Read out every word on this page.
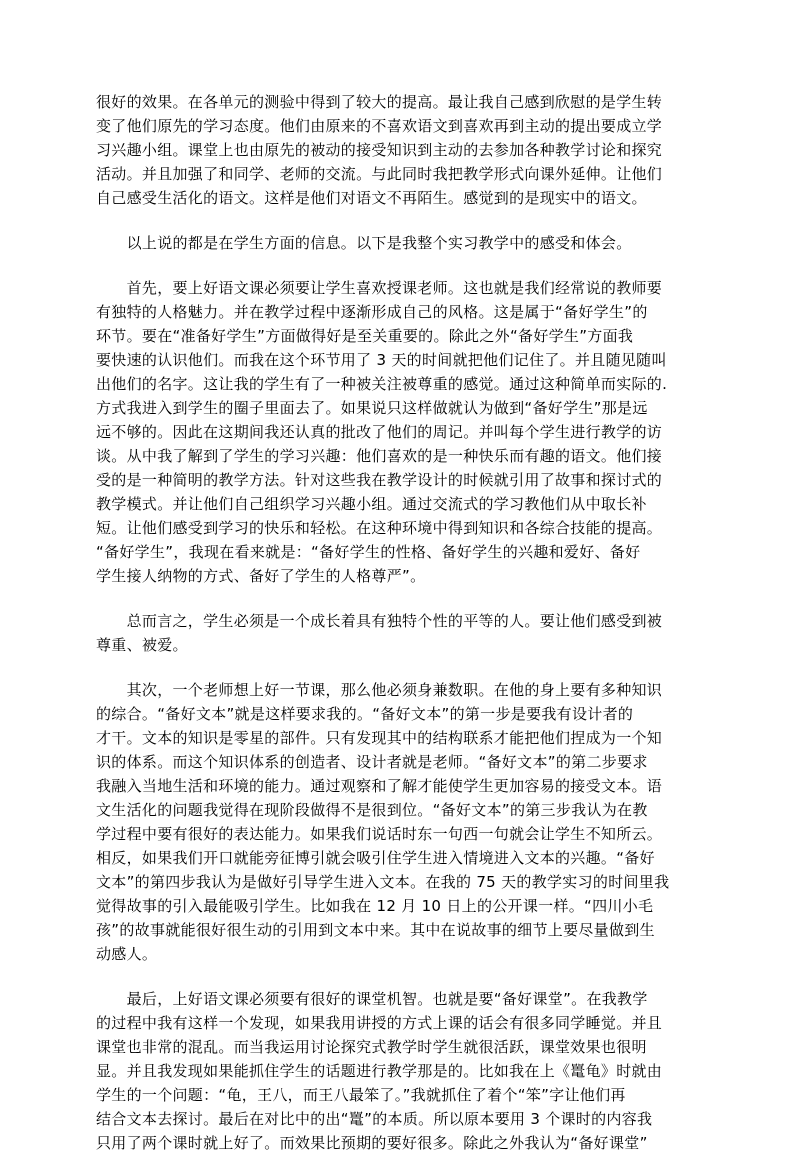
很好的效果。在各单元的测验中得到了较大的提高。最让我自己感到欣慰的是学生转
变了他们原先的学习态度。他们由原来的不喜欢语文到喜欢再到主动的提出要成立学
习兴趣小组。课堂上也由原先的被动的接受知识到主动的去参加各种教学讨论和探究
活动。并且加强了和同学、老师的交流。与此同时我把教学形式向课外延伸。让他们
自己感受生活化的语文。这样是他们对语文不再陌生。感觉到的是现实中的语文。

　　以上说的都是在学生方面的信息。以下是我整个实习教学中的感受和体会。

　　首先，要上好语文课必须要让学生喜欢授课老师。这也就是我们经常说的教师要
有独特的人格魅力。并在教学过程中逐渐形成自己的风格。这是属于“备好学生”的
环节。要在“准备好学生”方面做得好是至关重要的。除此之外“备好学生”方面我
要快速的认识他们。而我在这个环节用了 3 天的时间就把他们记住了。并且随见随叫
出他们的名字。这让我的学生有了一种被关注被尊重的感觉。通过这种简单而实际的.
方式我进入到学生的圈子里面去了。如果说只这样做就认为做到“备好学生”那是远
远不够的。因此在这期间我还认真的批改了他们的周记。并叫每个学生进行教学的访
谈。从中我了解到了学生的学习兴趣：他们喜欢的是一种快乐而有趣的语文。他们接
受的是一种简明的教学方法。针对这些我在教学设计的时候就引用了故事和探讨式的
教学模式。并让他们自己组织学习兴趣小组。通过交流式的学习教他们从中取长补
短。让他们感受到学习的快乐和轻松。在这种环境中得到知识和各综合技能的提高。
“备好学生”，我现在看来就是：“备好学生的性格、备好学生的兴趣和爱好、备好
学生接人纳物的方式、备好了学生的人格尊严”。

　　总而言之，学生必须是一个成长着具有独特个性的平等的人。要让他们感受到被
尊重、被爱。

　　其次，一个老师想上好一节课，那么他必须身兼数职。在他的身上要有多种知识
的综合。“备好文本”就是这样要求我的。“备好文本”的第一步是要我有设计者的
才干。文本的知识是零星的部件。只有发现其中的结构联系才能把他们捏成为一个知
识的体系。而这个知识体系的创造者、设计者就是老师。“备好文本”的第二步要求
我融入当地生活和环境的能力。通过观察和了解才能使学生更加容易的接受文本。语
文生活化的问题我觉得在现阶段做得不是很到位。“备好文本”的第三步我认为在教
学过程中要有很好的表达能力。如果我们说话时东一句西一句就会让学生不知所云。
相反，如果我们开口就能旁征博引就会吸引住学生进入情境进入文本的兴趣。“备好
文本”的第四步我认为是做好引导学生进入文本。在我的 75 天的教学实习的时间里我
觉得故事的引入最能吸引学生。比如我在 12 月 10 日上的公开课一样。“四川小毛
孩”的故事就能很好很生动的引用到文本中来。其中在说故事的细节上要尽量做到生
动感人。

　　最后，上好语文课必须要有很好的课堂机智。也就是要“备好课堂”。在我教学
的过程中我有这样一个发现，如果我用讲授的方式上课的话会有很多同学睡觉。并且
课堂也非常的混乱。而当我运用讨论探究式教学时学生就很活跃，课堂效果也很明
显。并且我发现如果能抓住学生的话题进行教学那是的。比如我在上《鼍龟》时就由
学生的一个问题：“龟，王八，而王八最笨了。”我就抓住了着个“笨”字让他们再
结合文本去探讨。最后在对比中的出“鼍”的本质。所以原本要用 3 个课时的内容我
只用了两个课时就上好了。而效果比预期的要好很多。除此之外我认为“备好课堂”
